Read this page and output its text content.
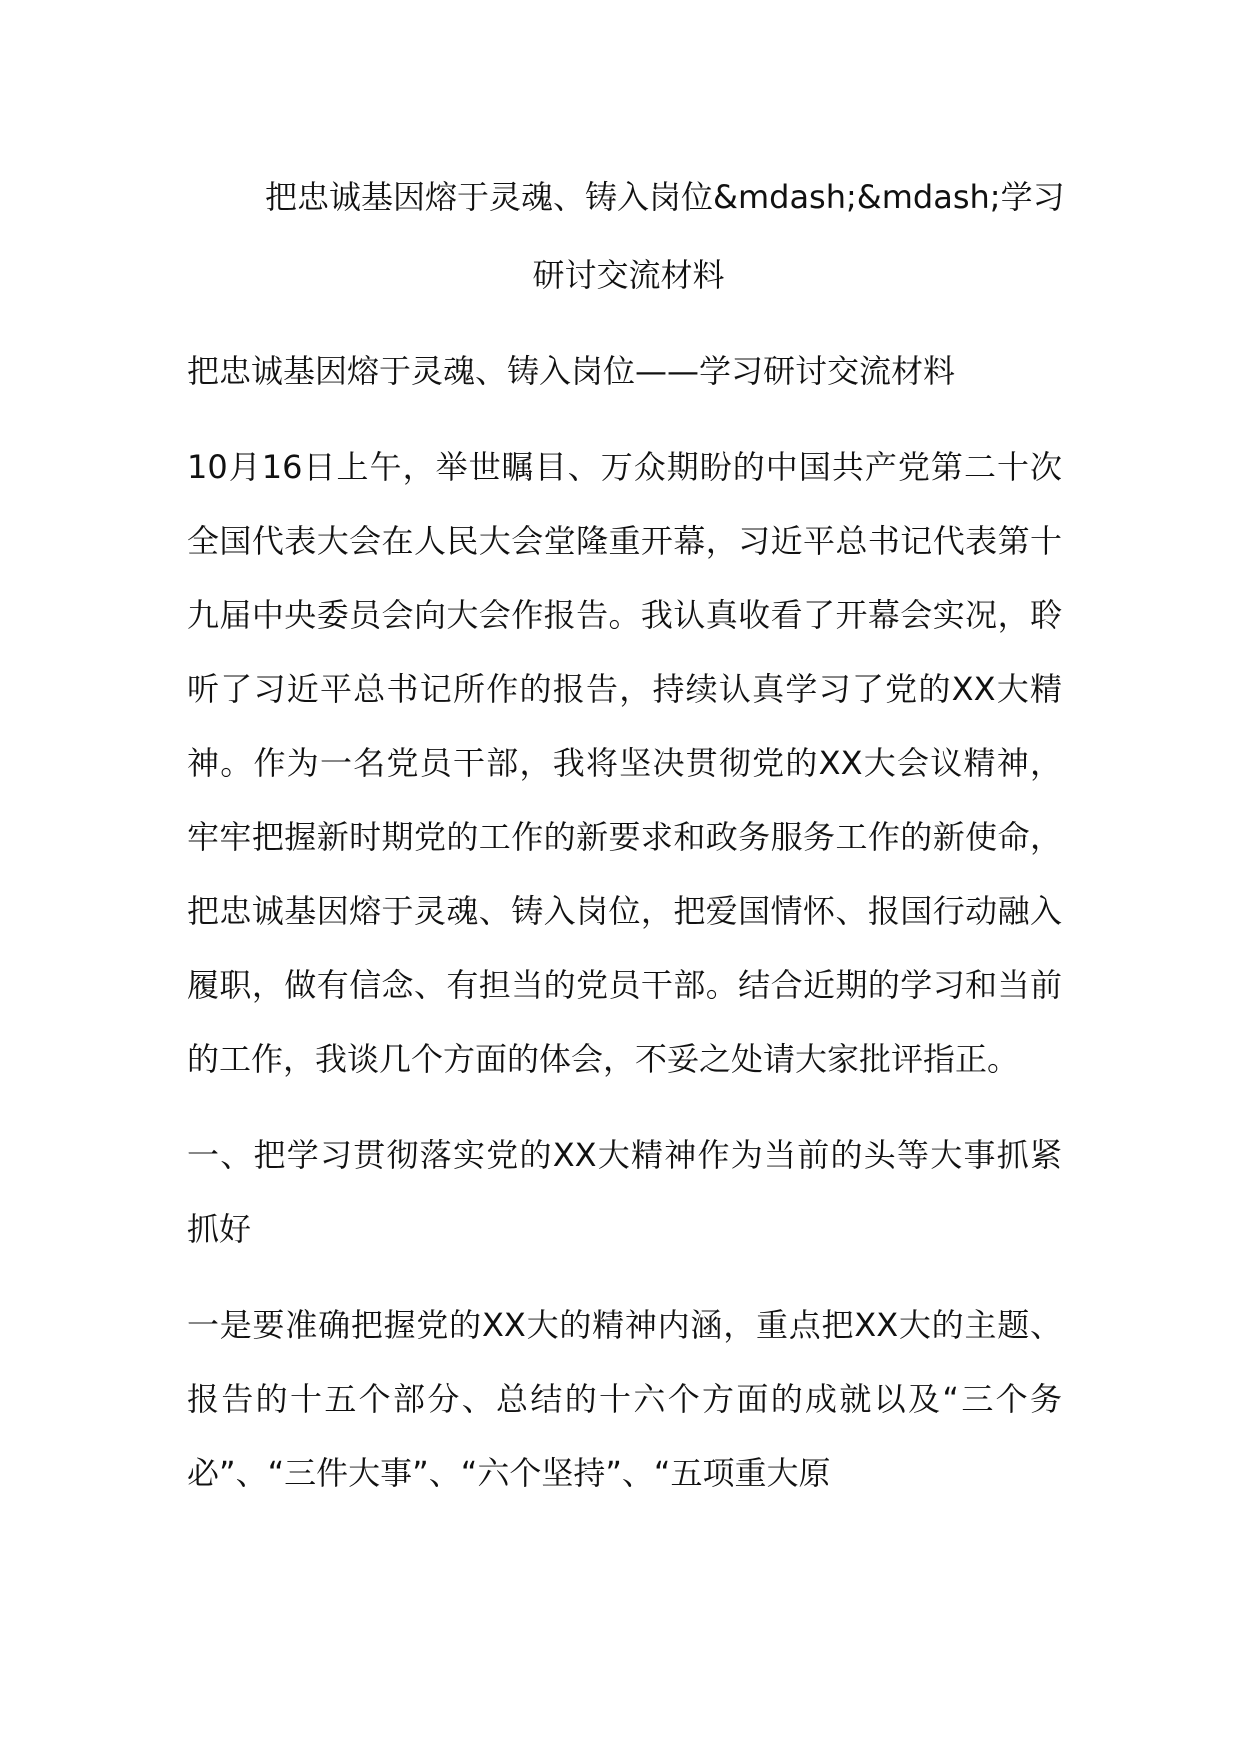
把忠诚基因熔于灵魂、铸入岗位&mdash;&mdash;学习
研讨交流材料
把忠诚基因熔于灵魂、铸入岗位——学习研讨交流材料
10月16日上午，举世瞩目、万众期盼的中国共产党第二十次全国代表大会在人民大会堂隆重开幕，习近平总书记代表第十九届中央委员会向大会作报告。我认真收看了开幕会实况，聆听了习近平总书记所作的报告，持续认真学习了党的XX大精神。作为一名党员干部，我将坚决贯彻党的XX大会议精神，牢牢把握新时期党的工作的新要求和政务服务工作的新使命，把忠诚基因熔于灵魂、铸入岗位，把爱国情怀、报国行动融入履职，做有信念、有担当的党员干部。结合近期的学习和当前的工作，我谈几个方面的体会，不妥之处请大家批评指正。
一、把学习贯彻落实党的XX大精神作为当前的头等大事抓紧抓好
一是要准确把握党的XX大的精神内涵，重点把XX大的主题、报告的十五个部分、总结的十六个方面的成就以及“三个务必”、“三件大事”、“六个坚持”、“五项重大原
